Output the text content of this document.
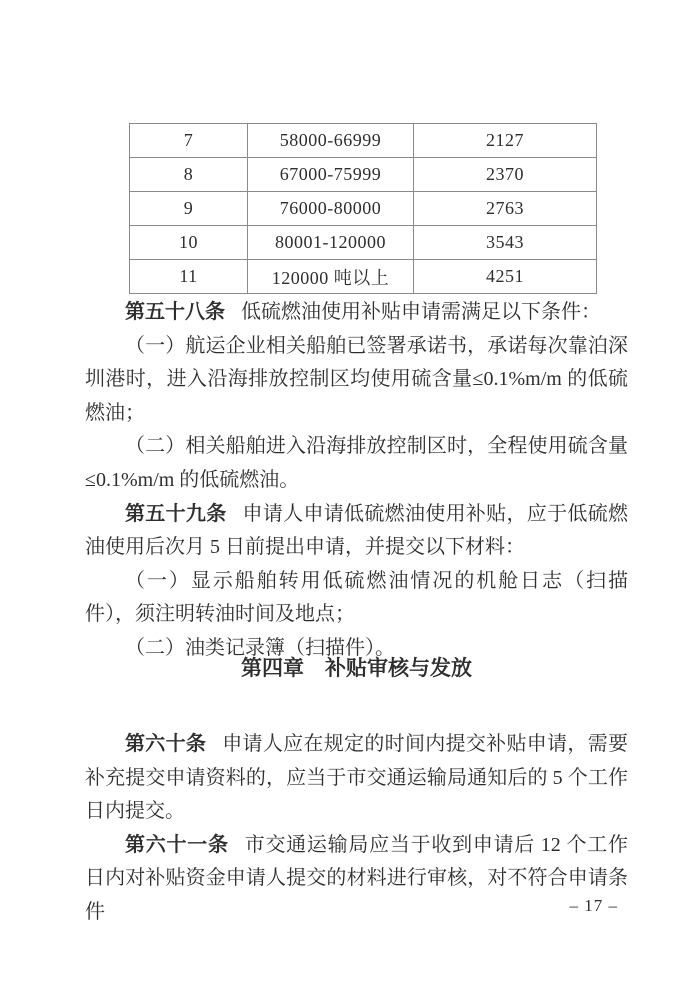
7	58000-66999	2127
8	67000-75999	2370
9	76000-80000	2763
10	80001-120000	3543
11	120000 吨以上	4251

第五十八条 低硫燃油使用补贴申请需满足以下条件：

（一）航运企业相关船舶已签署承诺书，承诺每次靠泊深圳港时，进入沿海排放控制区均使用硫含量≤0.1%m/m 的低硫燃油；

（二）相关船舶进入沿海排放控制区时，全程使用硫含量≤0.1%m/m 的低硫燃油。

第五十九条 申请人申请低硫燃油使用补贴，应于低硫燃油使用后次月 5 日前提出申请，并提交以下材料：

（一）显示船舶转用低硫燃油情况的机舱日志（扫描件），须注明转油时间及地点；

（二）油类记录簿（扫描件）。

第四章　补贴审核与发放

第六十条 申请人应在规定的时间内提交补贴申请，需要补充提交申请资料的，应当于市交通运输局通知后的 5 个工作日内提交。

第六十一条 市交通运输局应当于收到申请后 12 个工作日内对补贴资金申请人提交的材料进行审核，对不符合申请条件	– 17 –
